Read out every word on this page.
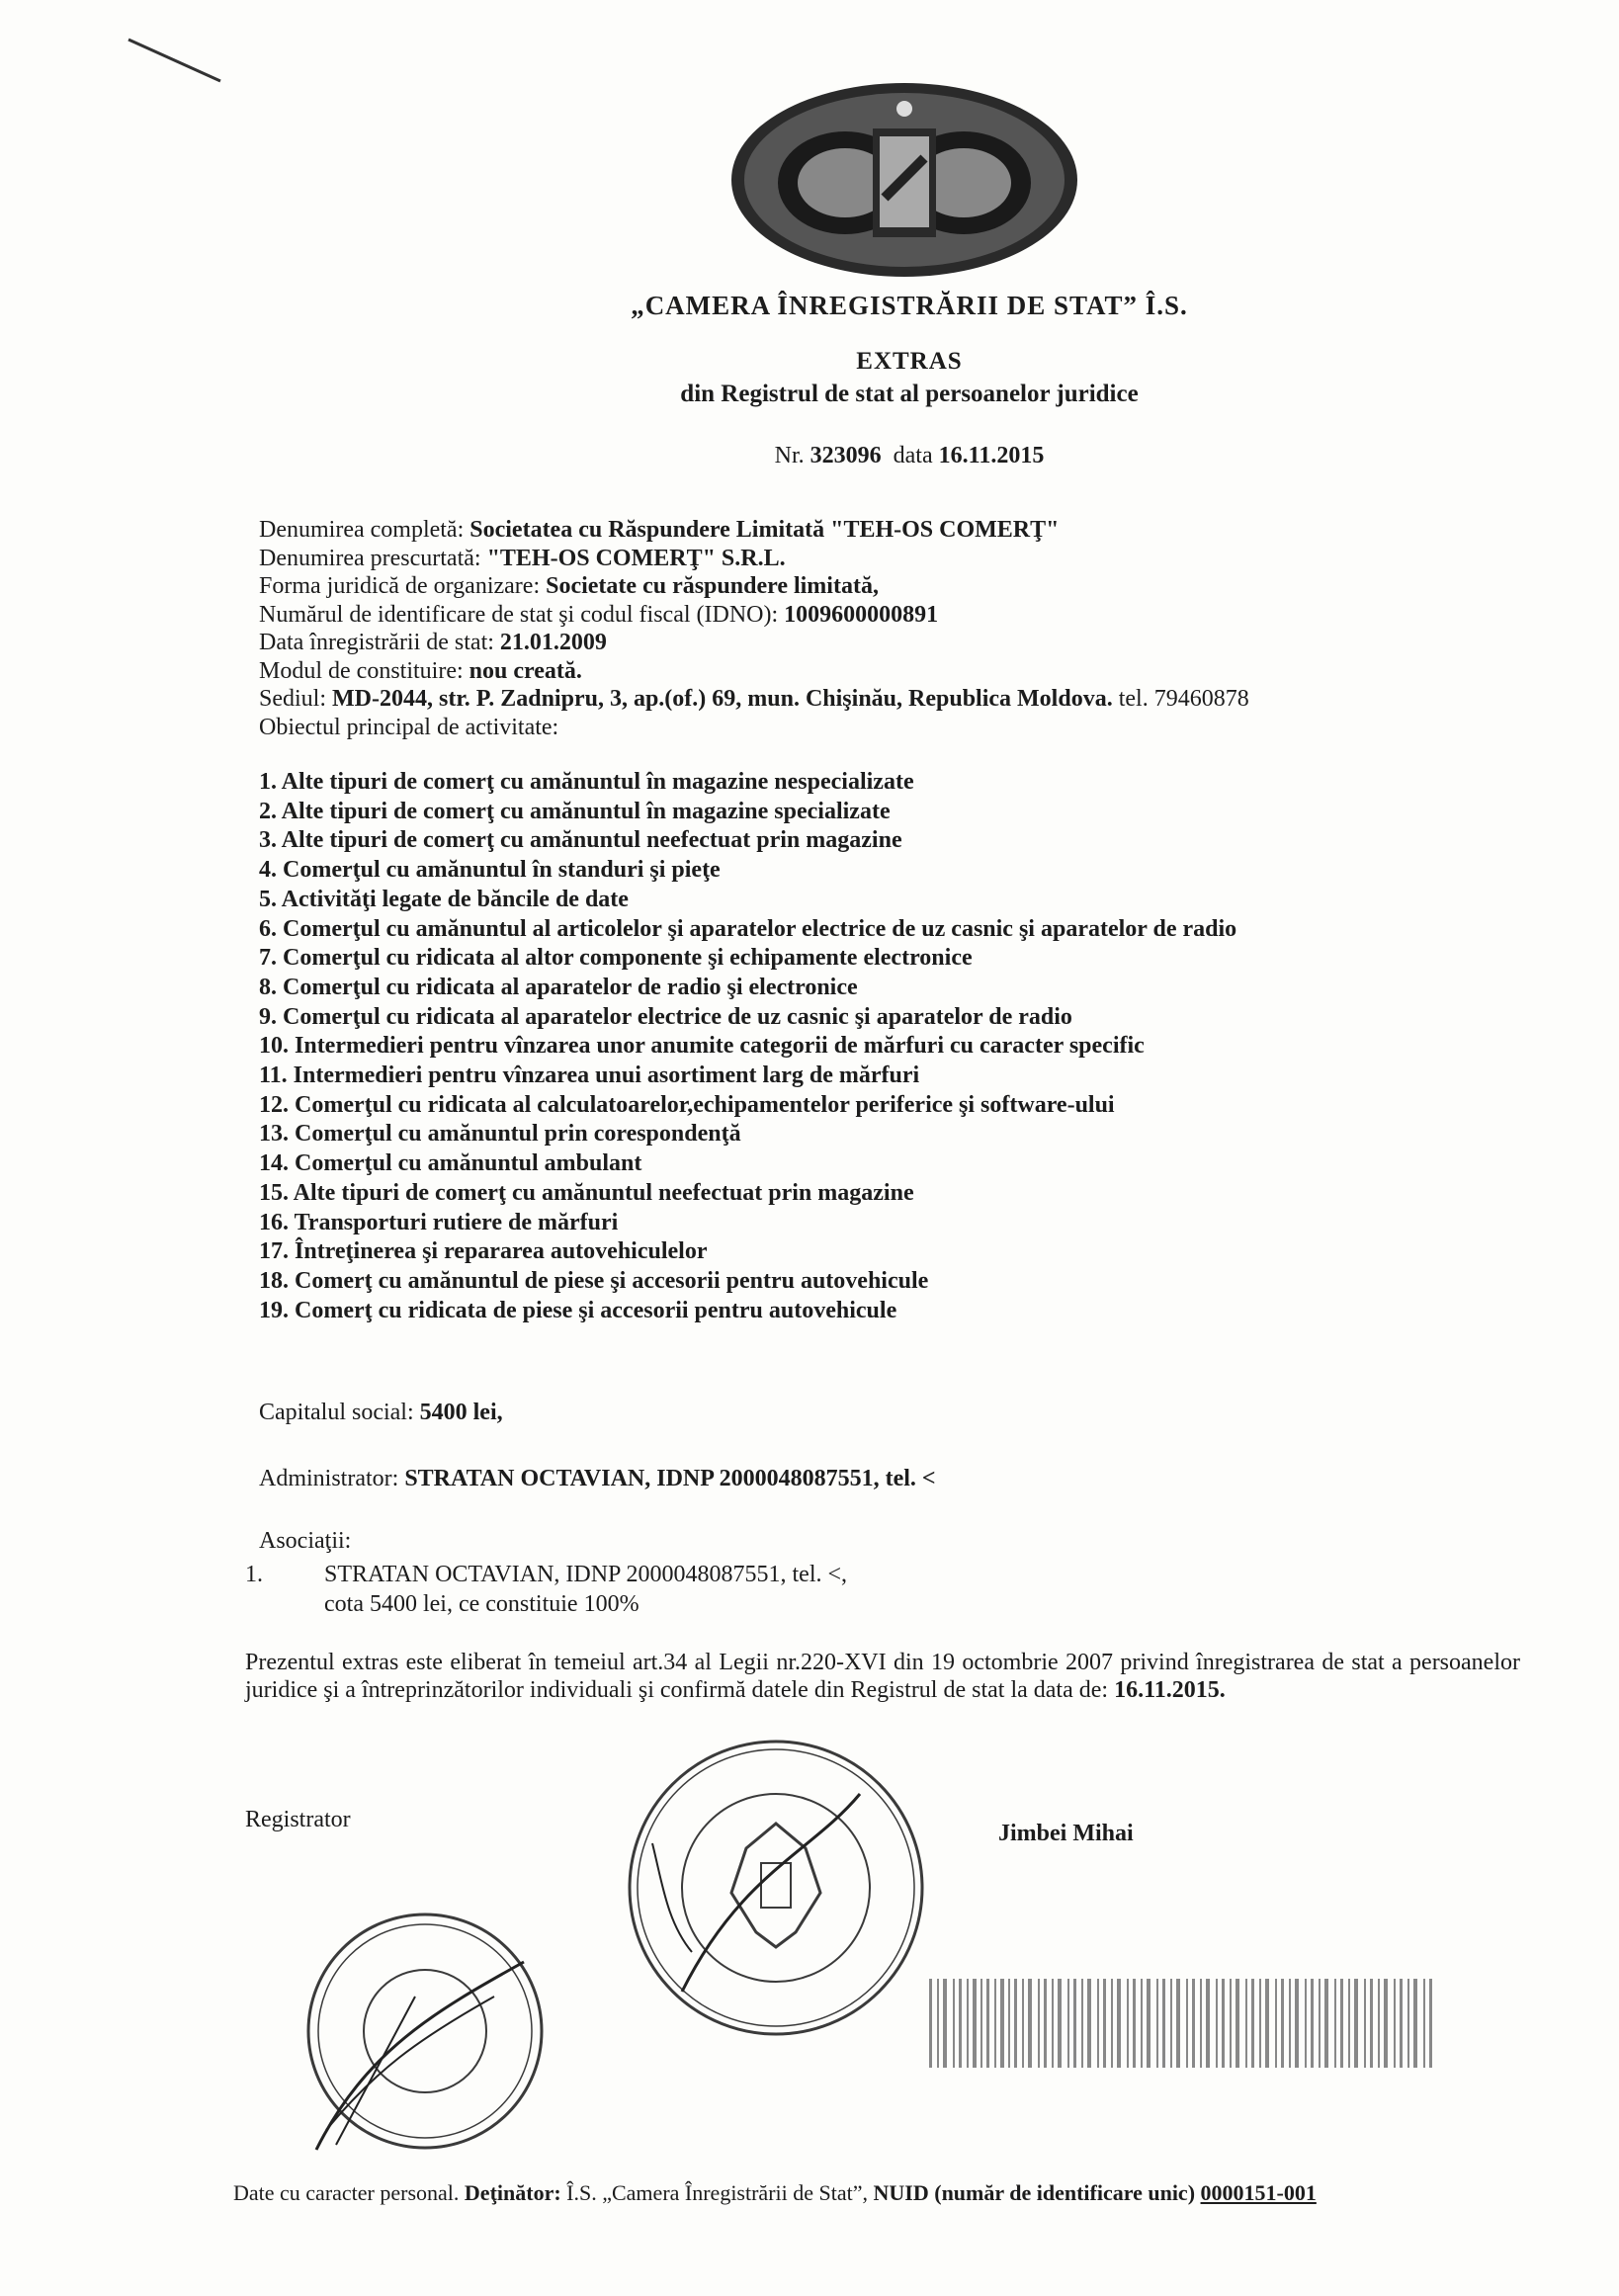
„CAMERA ÎNREGISTRĂRII DE STAT” Î.S.
EXTRAS
din Registrul de stat al persoanelor juridice
Nr. 323096 data 16.11.2015
Denumirea completă: Societatea cu Răspundere Limitată "TEH-OS COMERŢ"
Denumirea prescurtată: "TEH-OS COMERŢ" S.R.L.
Forma juridică de organizare: Societate cu răspundere limitată,
Numărul de identificare de stat şi codul fiscal (IDNO): 1009600000891
Data înregistrării de stat: 21.01.2009
Modul de constituire: nou creată.
Sediul: MD-2044, str. P. Zadnipru, 3, ap.(of.) 69, mun. Chişinău, Republica Moldova. tel. 79460878
Obiectul principal de activitate:
1. Alte tipuri de comerţ cu amănuntul în magazine nespecializate
2. Alte tipuri de comerţ cu amănuntul în magazine specializate
3. Alte tipuri de comerţ cu amănuntul neefectuat prin magazine
4. Comerţul cu amănuntul în standuri şi pieţe
5. Activităţi legate de băncile de date
6. Comerţul cu amănuntul al articolelor şi aparatelor electrice de uz casnic şi aparatelor de radio
7. Comerţul cu ridicata al altor componente şi echipamente electronice
8. Comerţul cu ridicata al aparatelor de radio şi electronice
9. Comerţul cu ridicata al aparatelor electrice de uz casnic şi aparatelor de radio
10. Intermedieri pentru vînzarea unor anumite categorii de mărfuri cu caracter specific
11. Intermedieri pentru vînzarea unui asortiment larg de mărfuri
12. Comerţul cu ridicata al calculatoarelor,echipamentelor periferice şi software-ului
13. Comerţul cu amănuntul prin corespondenţă
14. Comerţul cu amănuntul ambulant
15. Alte tipuri de comerţ cu amănuntul neefectuat prin magazine
16. Transporturi rutiere de mărfuri
17. Întreţinerea şi repararea autovehiculelor
18. Comerţ cu amănuntul de piese şi accesorii pentru autovehicule
19. Comerţ cu ridicata de piese şi accesorii pentru autovehicule
Capitalul social: 5400 lei,
Administrator: STRATAN OCTAVIAN, IDNP 2000048087551, tel. <
Asociaţii:
1.	STRATAN OCTAVIAN, IDNP 2000048087551, tel. <,
cota 5400 lei, ce constituie 100%
Prezentul extras este eliberat în temeiul art.34 al Legii nr.220-XVI din 19 octombrie 2007 privind înregistrarea de stat a persoanelor juridice şi a întreprinzătorilor individuali şi confirmă datele din Registrul de stat la data de: 16.11.2015.
Registrator
Jimbei Mihai
Date cu caracter personal. Deţinător: Î.S. „Camera Înregistrării de Stat”, NUID (număr de identificare unic) 0000151-001
